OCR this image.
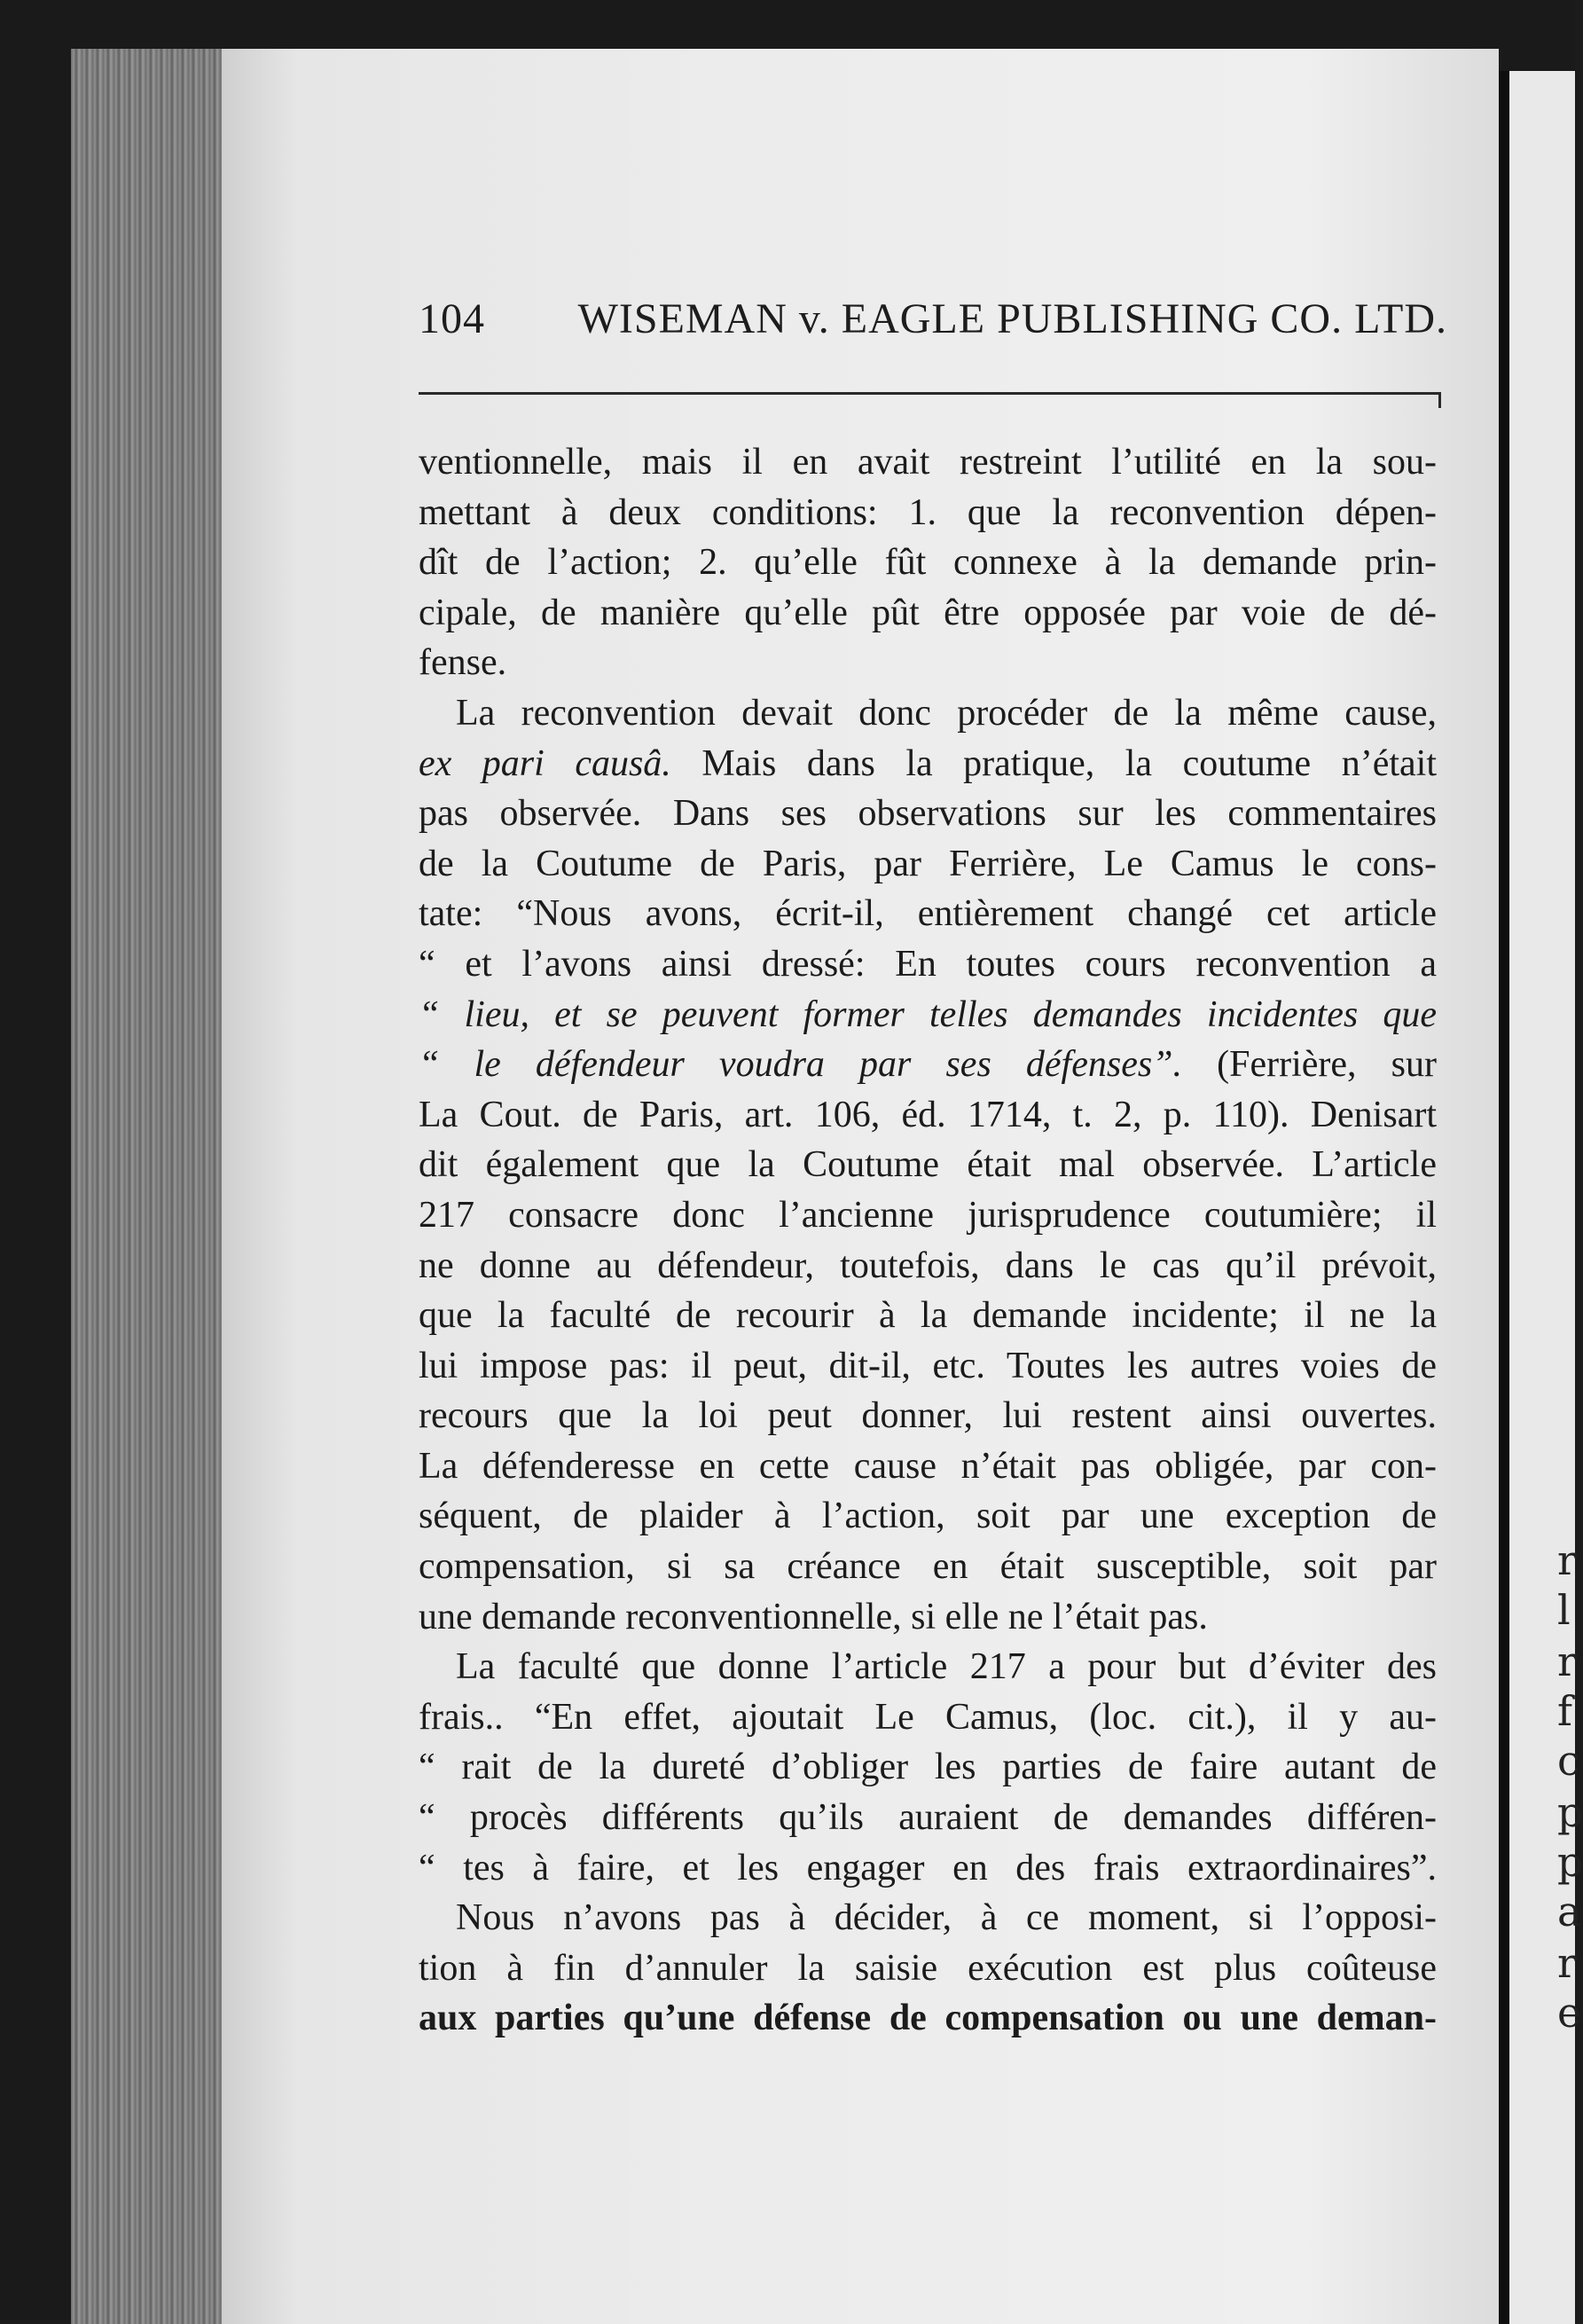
r
l
r
f
c
p
p
a
r
e
104 WISEMAN v. EAGLE PUBLISHING CO. LTD.
ventionnelle, mais il en avait restreint l’utilité en la sou-
mettant à deux conditions: 1. que la reconvention dépen-
dît de l’action; 2. qu’elle fût connexe à la demande prin-
cipale, de manière qu’elle pût être opposée par voie de dé-
fense.
La reconvention devait donc procéder de la même cause,
ex pari causâ. Mais dans la pratique, la coutume n’était
pas observée. Dans ses observations sur les commentaires
de la Coutume de Paris, par Ferrière, Le Camus le cons-
tate: “Nous avons, écrit-il, entièrement changé cet article
“ et l’avons ainsi dressé: En toutes cours reconvention a
“ lieu, et se peuvent former telles demandes incidentes que
“ le défendeur voudra par ses défenses”. (Ferrière, sur
La Cout. de Paris, art. 106, éd. 1714, t. 2, p. 110). Denisart
dit également que la Coutume était mal observée. L’article
217 consacre donc l’ancienne jurisprudence coutumière; il
ne donne au défendeur, toutefois, dans le cas qu’il prévoit,
que la faculté de recourir à la demande incidente; il ne la
lui impose pas: il peut, dit-il, etc. Toutes les autres voies de
recours que la loi peut donner, lui restent ainsi ouvertes.
La défenderesse en cette cause n’était pas obligée, par con-
séquent, de plaider à l’action, soit par une exception de
compensation, si sa créance en était susceptible, soit par
une demande reconventionnelle, si elle ne l’était pas.
La faculté que donne l’article 217 a pour but d’éviter des
frais.. “En effet, ajoutait Le Camus, (loc. cit.), il y au-
“ rait de la dureté d’obliger les parties de faire autant de
“ procès différents qu’ils auraient de demandes différen-
“ tes à faire, et les engager en des frais extraordinaires”.
Nous n’avons pas à décider, à ce moment, si l’opposi-
tion à fin d’annuler la saisie exécution est plus coûteuse
aux parties qu’une défense de compensation ou une deman-
